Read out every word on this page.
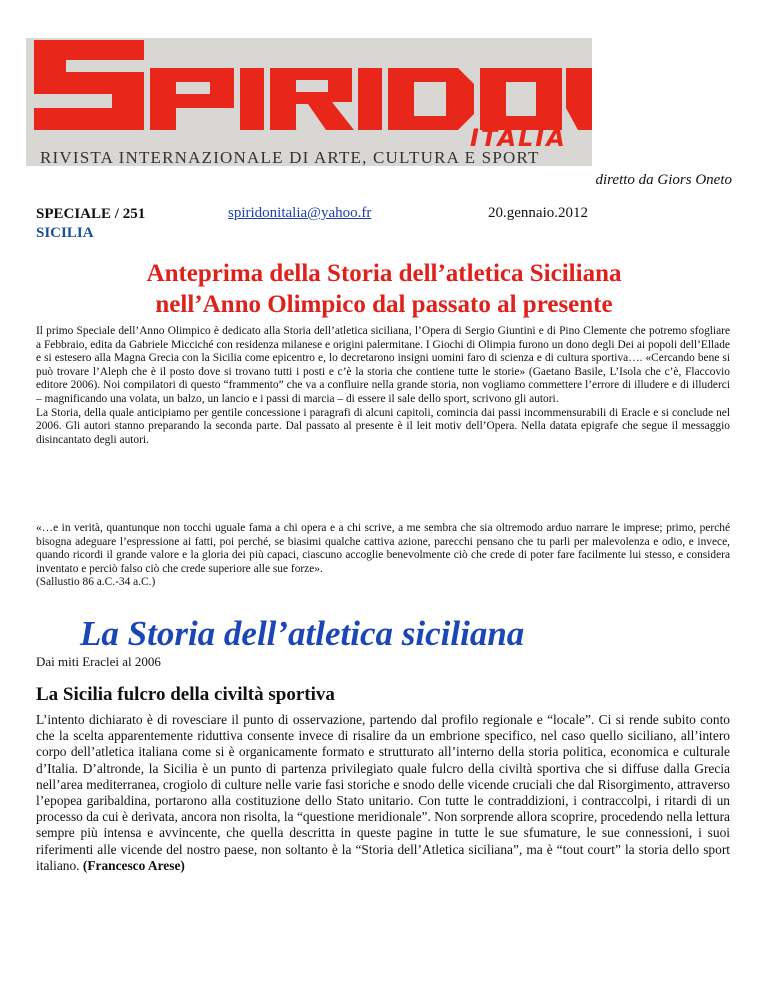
ITALIA
RIVISTA INTERNAZIONALE DI ARTE, CULTURA E SPORT
diretto da Giors Oneto
SPECIALE / 251
SICILIA
spiridonitalia@yahoo.fr	20.gennaio.2012
Anteprima della Storia dell’atletica Siciliana
nell’Anno Olimpico dal passato al presente

Il primo Speciale dell’Anno Olimpico è dedicato alla Storia dell’atletica siciliana, l’Opera di Sergio Giuntini e di Pino Clemente che potremo sfogliare a Febbraio, edita da Gabriele Micciché con residenza milanese e origini palermitane. I Giochi di Olimpia furono un dono degli Dei ai popoli dell’Ellade e si estesero alla Magna Grecia con la Sicilia come epicentro e, lo decretarono insigni uomini faro di scienza e di cultura sportiva…. «Cercando bene si può trovare l’Aleph che è il posto dove si trovano tutti i posti e c’è la storia che contiene tutte le storie» (Gaetano Basile, L’Isola che c’è, Flaccovio editore 2006). Noi compilatori di questo “frammento” che va a confluire nella grande storia, non vogliamo commettere l’errore di illudere e di illuderci – magnificando una volata, un balzo, un lancio e i passi di marcia – di essere il sale dello sport, scrivono gli autori.

La Storia, della quale anticipiamo per gentile concessione i paragrafi di alcuni capitoli, comincia dai passi incommensurabili di Eracle e si conclude nel 2006. Gli autori stanno preparando la seconda parte. Dal passato al presente è il leit motiv dell’Opera. Nella datata epigrafe che segue il messaggio disincantato degli autori.

«…e in verità, quantunque non tocchi uguale fama a chi opera e a chi scrive, a me sembra che sia oltremodo arduo narrare le imprese; primo, perché bisogna adeguare l’espressione ai fatti, poi perché, se biasimi qualche cattiva azione, parecchi pensano che tu parli per malevolenza e odio, e invece, quando ricordi il grande valore e la gloria dei più capaci, ciascuno accoglie benevolmente ciò che crede di poter fare facilmente lui stesso, e considera inventato e perciò falso ciò che crede superiore alle sue forze».

(Sallustio 86 a.C.-34 a.C.)

La Storia dell’atletica siciliana
Dai miti Eraclei al 2006
La Sicilia fulcro della civiltà sportiva
L’intento dichiarato è di rovesciare il punto di osservazione, partendo dal profilo regionale e “locale”. Ci si rende subito conto che la scelta apparentemente riduttiva consente invece di risalire da un embrione specifico, nel caso quello siciliano, all’intero corpo dell’atletica italiana come si è organicamente formato e strutturato all’interno della storia politica, economica e culturale d’Italia. D’altronde, la Sicilia è un punto di partenza privilegiato quale fulcro della civiltà sportiva che si diffuse dalla Grecia nell’area mediterranea, crogiolo di culture nelle varie fasi storiche e snodo delle vicende cruciali che dal Risorgimento, attraverso l’epopea garibaldina, portarono alla costituzione dello Stato unitario. Con tutte le contraddizioni, i contraccolpi, i ritardi di un processo da cui è derivata, ancora non risolta, la “questione meridionale”. Non sorprende allora scoprire, procedendo nella lettura sempre più intensa e avvincente, che quella descritta in queste pagine in tutte le sue sfumature, le sue connessioni, i suoi riferimenti alle vicende del nostro paese, non soltanto è la “Storia dell’Atletica siciliana”, ma è “tout court” la storia dello sport italiano. (Francesco Arese)
